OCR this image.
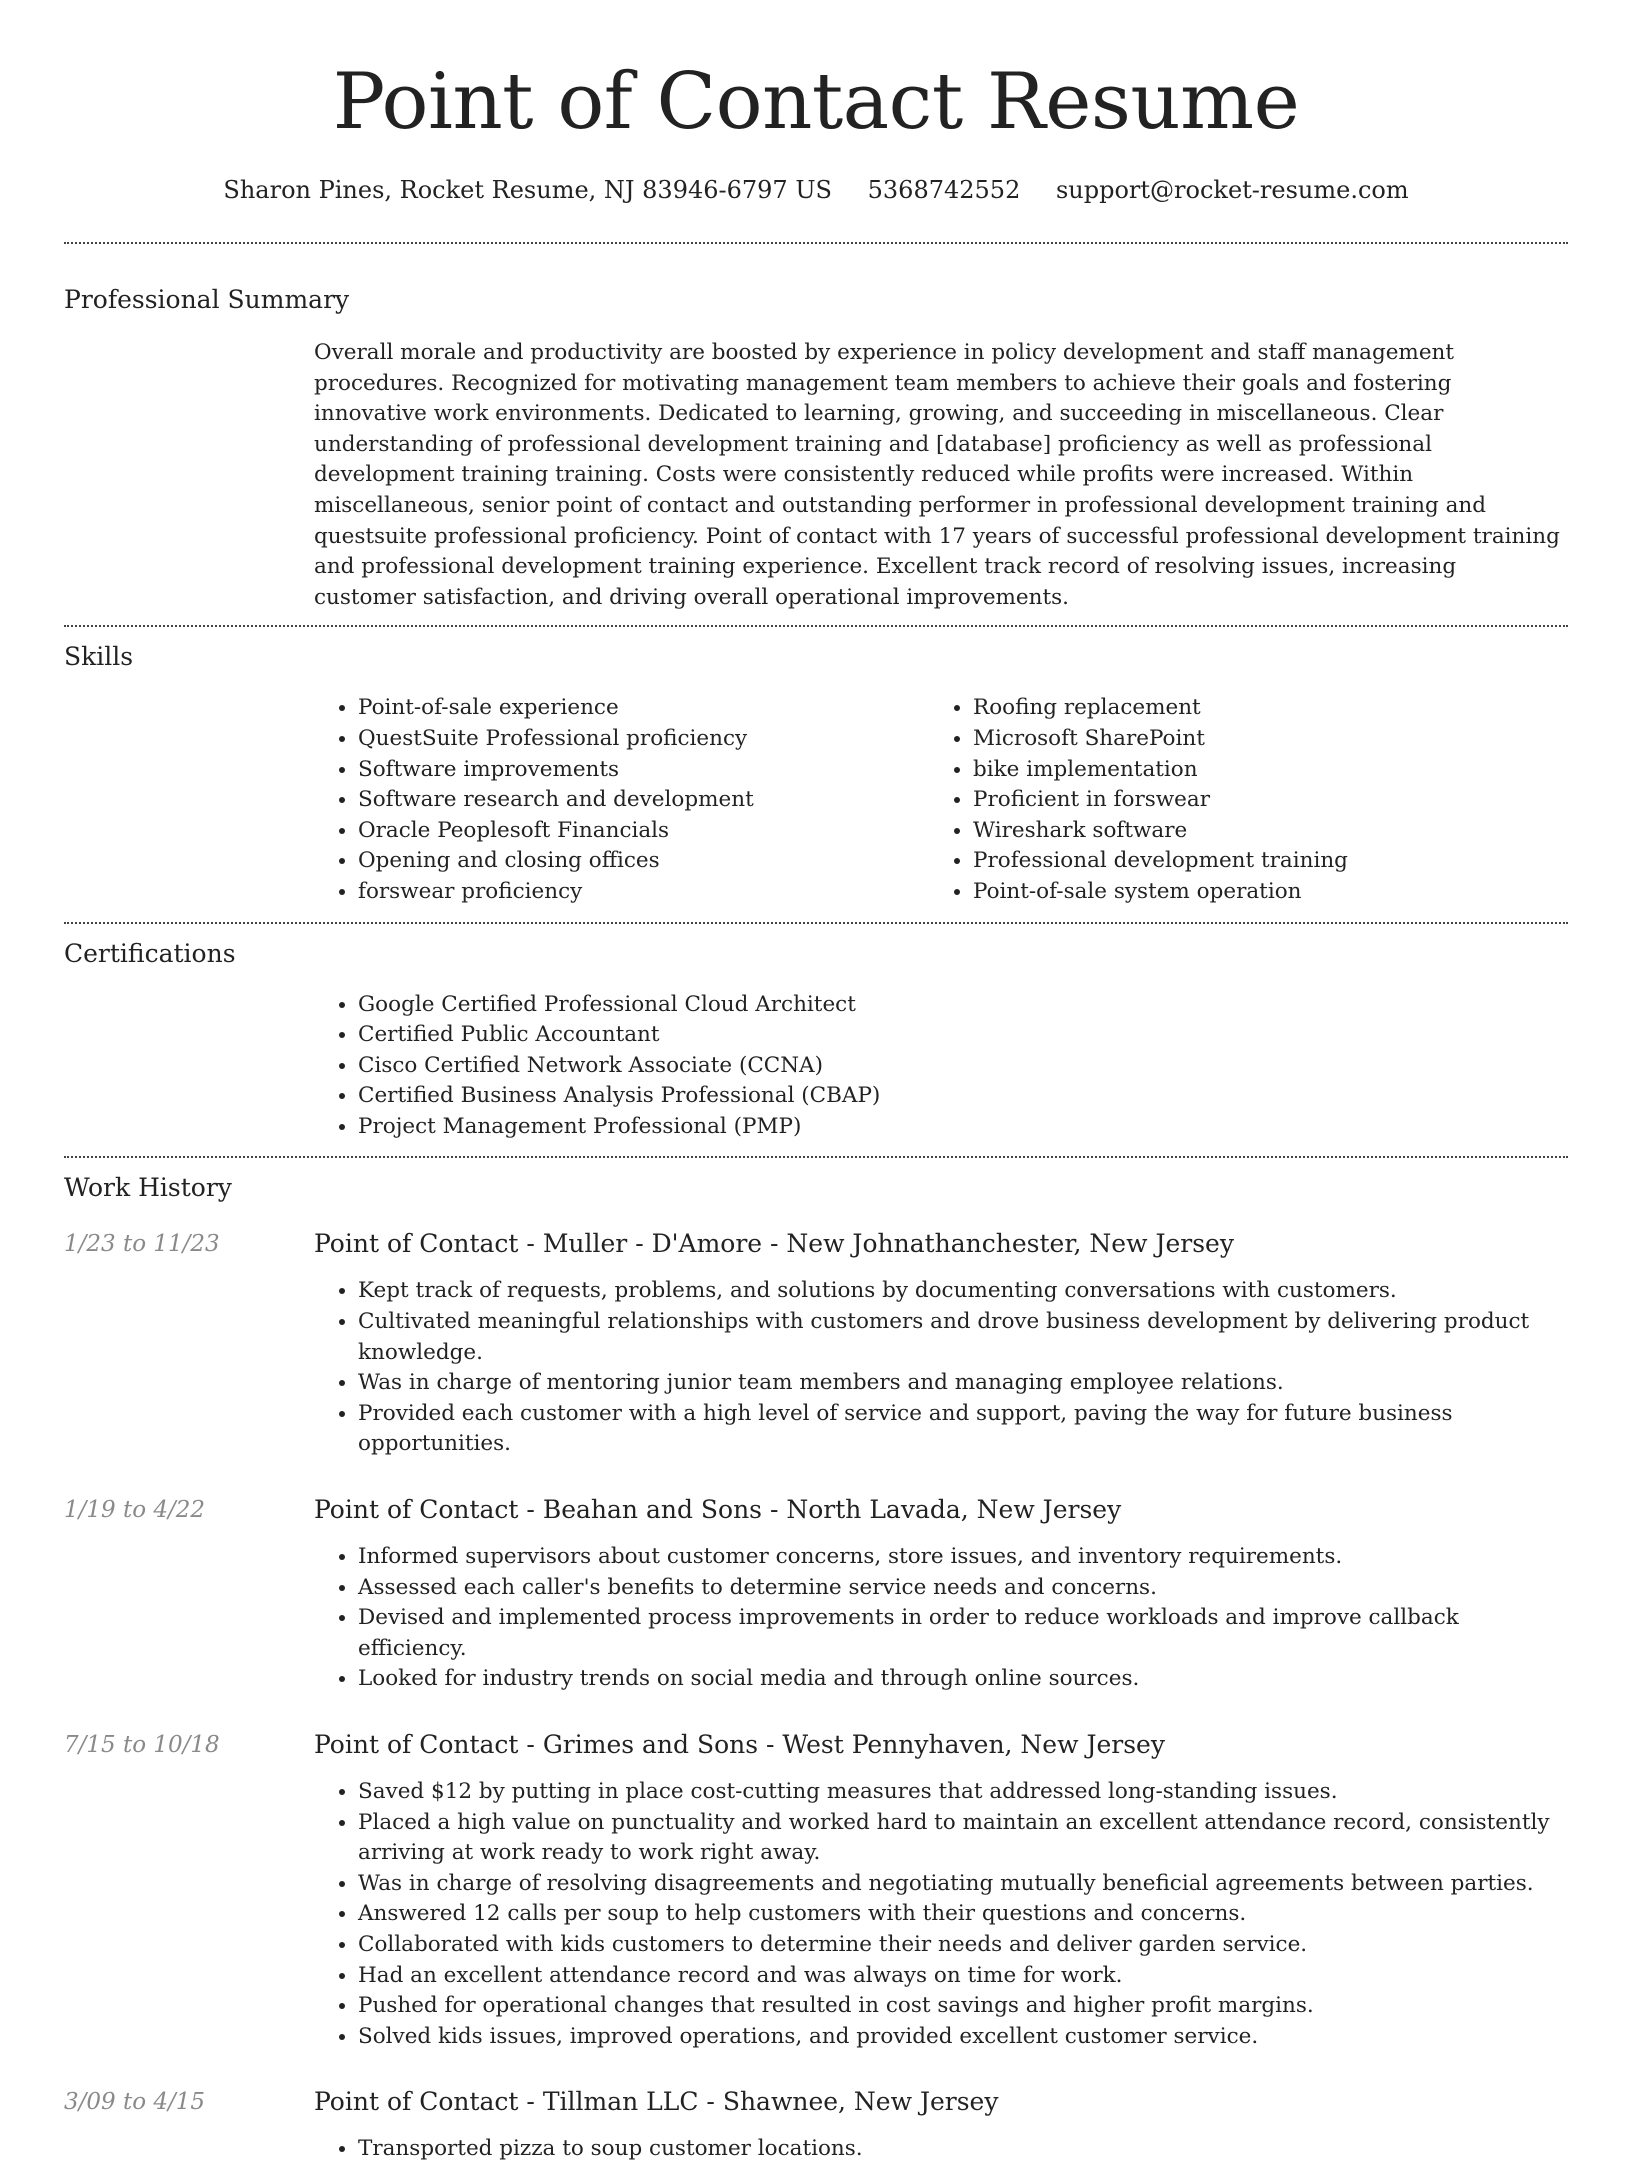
Point of Contact Resume
Sharon Pines, Rocket Resume, NJ 83946-6797 US 5368742552 support@rocket-resume.com
Professional Summary
Overall morale and productivity are boosted by experience in policy development and staff management procedures. Recognized for motivating management team members to achieve their goals and fostering innovative work environments. Dedicated to learning, growing, and succeeding in miscellaneous. Clear understanding of professional development training and [database] proficiency as well as professional development training training. Costs were consistently reduced while profits were increased. Within miscellaneous, senior point of contact and outstanding performer in professional development training and questsuite professional proficiency. Point of contact with 17 years of successful professional development training and professional development training experience. Excellent track record of resolving issues, increasing customer satisfaction, and driving overall operational improvements.
Skills
• Point-of-sale experience
• QuestSuite Professional proficiency
• Software improvements
• Software research and development
• Oracle Peoplesoft Financials
• Opening and closing offices
• forswear proficiency
• Roofing replacement
• Microsoft SharePoint
• bike implementation
• Proficient in forswear
• Wireshark software
• Professional development training
• Point-of-sale system operation
Certifications
• Google Certified Professional Cloud Architect
• Certified Public Accountant
• Cisco Certified Network Associate (CCNA)
• Certified Business Analysis Professional (CBAP)
• Project Management Professional (PMP)
Work History
1/23 to 11/23	Point of Contact - Muller - D'Amore - New Johnathanchester, New Jersey
• Kept track of requests, problems, and solutions by documenting conversations with customers.
• Cultivated meaningful relationships with customers and drove business development by delivering product knowledge.
• Was in charge of mentoring junior team members and managing employee relations.
• Provided each customer with a high level of service and support, paving the way for future business opportunities.
1/19 to 4/22	Point of Contact - Beahan and Sons - North Lavada, New Jersey
• Informed supervisors about customer concerns, store issues, and inventory requirements.
• Assessed each caller's benefits to determine service needs and concerns.
• Devised and implemented process improvements in order to reduce workloads and improve callback efficiency.
• Looked for industry trends on social media and through online sources.
7/15 to 10/18	Point of Contact - Grimes and Sons - West Pennyhaven, New Jersey
• Saved $12 by putting in place cost-cutting measures that addressed long-standing issues.
• Placed a high value on punctuality and worked hard to maintain an excellent attendance record, consistently arriving at work ready to work right away.
• Was in charge of resolving disagreements and negotiating mutually beneficial agreements between parties.
• Answered 12 calls per soup to help customers with their questions and concerns.
• Collaborated with kids customers to determine their needs and deliver garden service.
• Had an excellent attendance record and was always on time for work.
• Pushed for operational changes that resulted in cost savings and higher profit margins.
• Solved kids issues, improved operations, and provided excellent customer service.
3/09 to 4/15	Point of Contact - Tillman LLC - Shawnee, New Jersey
• Transported pizza to soup customer locations.
